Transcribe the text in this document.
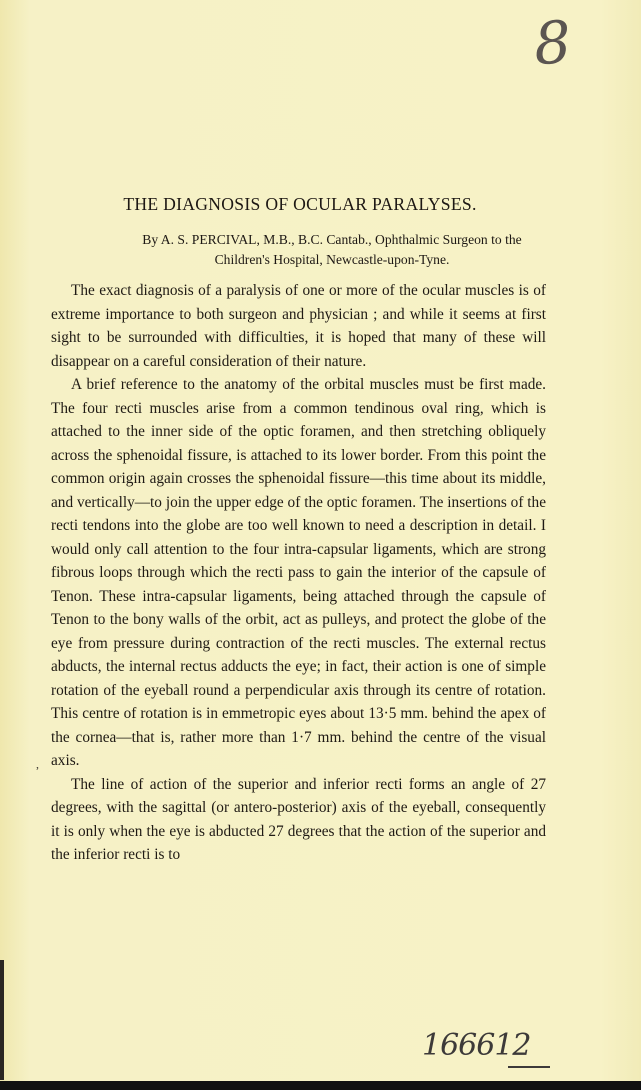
8
THE DIAGNOSIS OF OCULAR PARALYSES.
By A. S. PERCIVAL, M.B., B.C. Cantab., Ophthalmic Surgeon to the
Children's Hospital, Newcastle-upon-Tyne.

The exact diagnosis of a paralysis of one or more of the ocular muscles is of extreme importance to both surgeon and physician ; and while it seems at first sight to be surrounded with difficulties, it is hoped that many of these will disappear on a careful consideration of their nature.

A brief reference to the anatomy of the orbital muscles must be first made. The four recti muscles arise from a common tendinous oval ring, which is attached to the inner side of the optic foramen, and then stretching obliquely across the sphenoidal fissure, is attached to its lower border. From this point the common origin again crosses the sphenoidal fissure—this time about its middle, and vertically—to join the upper edge of the optic foramen. The insertions of the recti tendons into the globe are too well known to need a description in detail. I would only call attention to the four intra-capsular ligaments, which are strong fibrous loops through which the recti pass to gain the interior of the capsule of Tenon. These intra-capsular ligaments, being attached through the capsule of Tenon to the bony walls of the orbit, act as pulleys, and protect the globe of the eye from pressure during contraction of the recti muscles. The external rectus abducts, the internal rectus adducts the eye; in fact, their action is one of simple rotation of the eyeball round a perpendicular axis through its centre of rotation. This centre of rotation is in emmetropic eyes about 13·5 mm. behind the apex of the cornea—that is, rather more than 1·7 mm. behind the centre of the visual axis.

The line of action of the superior and inferior recti forms an angle of 27 degrees, with the sagittal (or antero-posterior) axis of the eyeball, consequently it is only when the eye is abducted 27 degrees that the action of the superior and the inferior recti is to

,
166612
